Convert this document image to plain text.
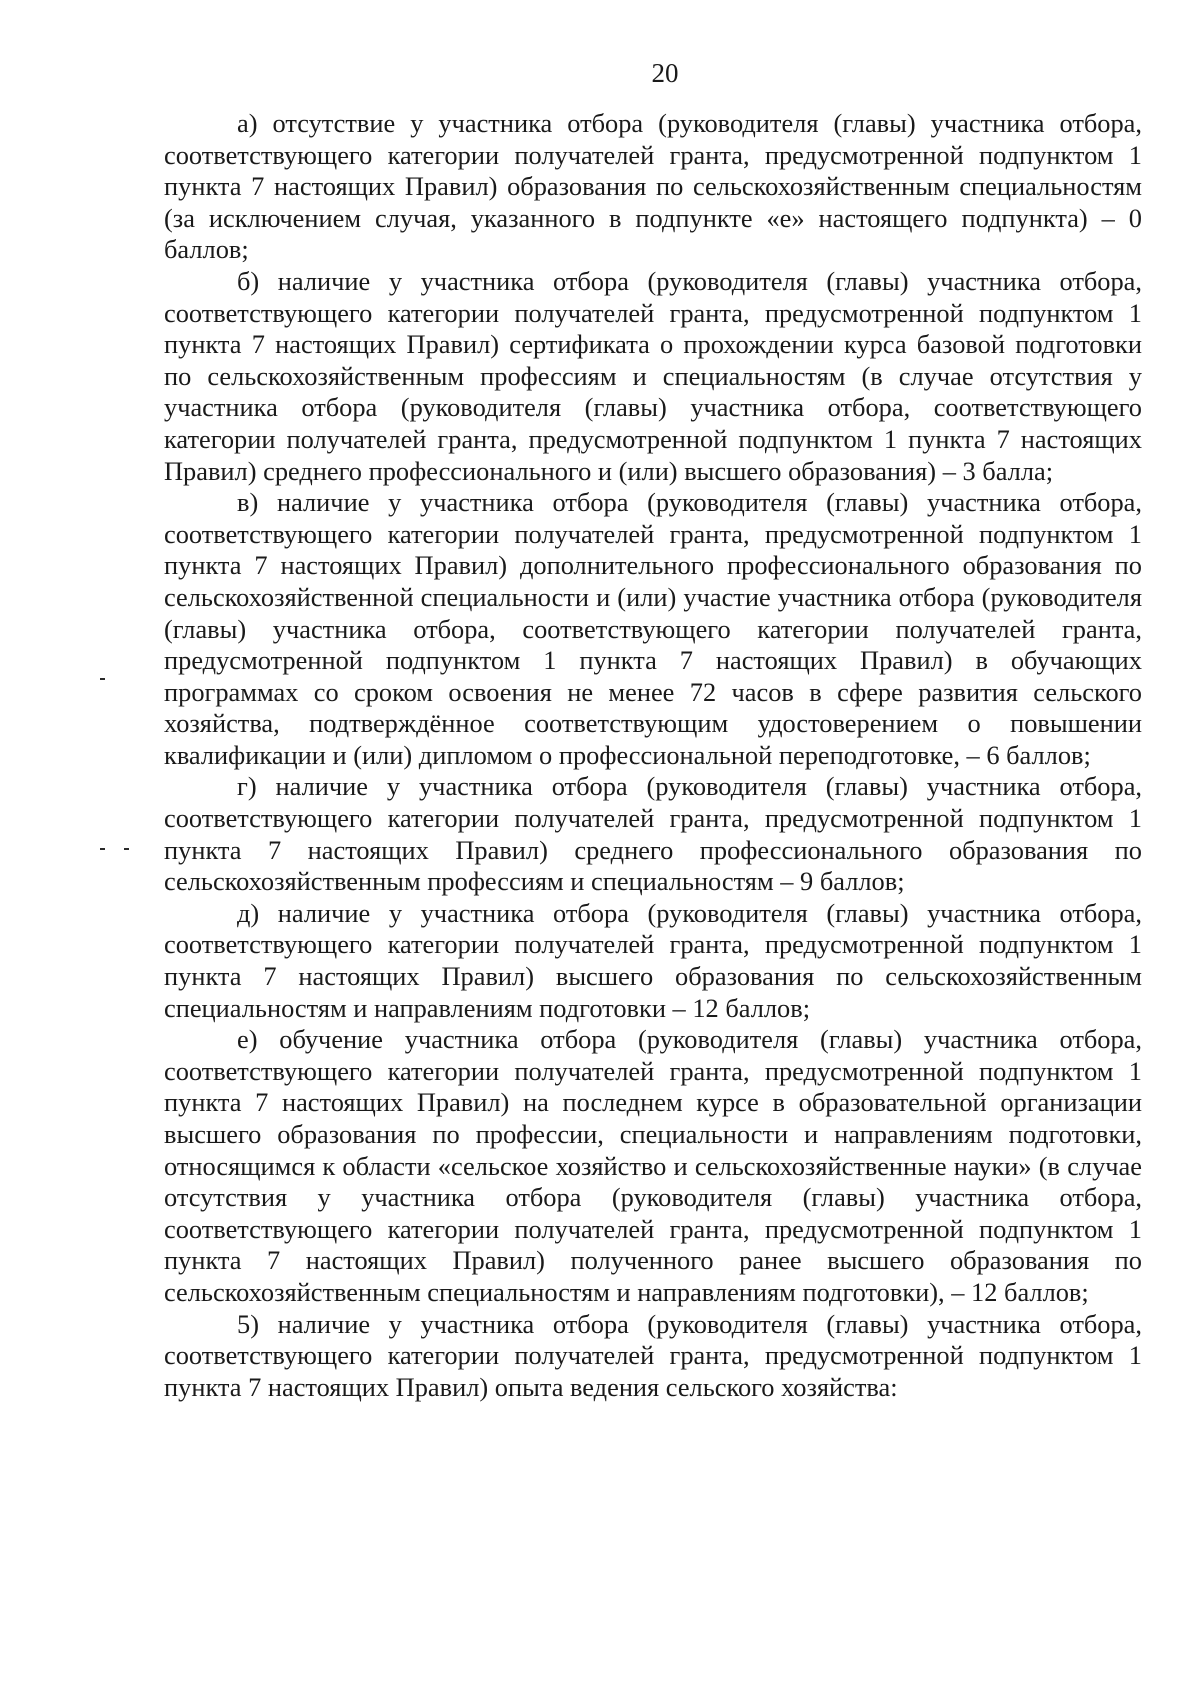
20

а) отсутствие у участника отбора (руководителя (главы) участника отбора, соответствующего категории получателей гранта, предусмотренной подпунктом 1 пункта 7 настоящих Правил) образования по сельскохозяйственным специальностям (за исключением случая, указанного в подпункте «е» настоящего подпункта) – 0 баллов;

б) наличие у участника отбора (руководителя (главы) участника отбора, соответствующего категории получателей гранта, предусмотренной подпунктом 1 пункта 7 настоящих Правил) сертификата о прохождении курса базовой подготовки по сельскохозяйственным профессиям и специальностям (в случае отсутствия у участника отбора (руководителя (главы) участника отбора, соответствующего категории получателей гранта, предусмотренной подпунктом 1 пункта 7 настоящих Правил) среднего профессионального и (или) высшего образования) – 3 балла;

в) наличие у участника отбора (руководителя (главы) участника отбора, соответствующего категории получателей гранта, предусмотренной подпунктом 1 пункта 7 настоящих Правил) дополнительного профессионального образования по сельскохозяйственной специальности и (или) участие участника отбора (руководителя (главы) участника отбора, соответствующего категории получателей гранта, предусмотренной подпунктом 1 пункта 7 настоящих Правил) в обучающих программах со сроком освоения не менее 72 часов в сфере развития сельского хозяйства, подтверждённое соответствующим удостоверением о повышении квалификации и (или) дипломом о профессиональной переподготовке, – 6 баллов;

г) наличие у участника отбора (руководителя (главы) участника отбора, соответствующего категории получателей гранта, предусмотренной подпунктом 1 пункта 7 настоящих Правил) среднего профессионального образования по сельскохозяйственным профессиям и специальностям – 9 баллов;

д) наличие у участника отбора (руководителя (главы) участника отбора, соответствующего категории получателей гранта, предусмотренной подпунктом 1 пункта 7 настоящих Правил) высшего образования по сельскохозяйственным специальностям и направлениям подготовки – 12 баллов;

е) обучение участника отбора (руководителя (главы) участника отбора, соответствующего категории получателей гранта, предусмотренной подпунктом 1 пункта 7 настоящих Правил) на последнем курсе в образовательной организации высшего образования по профессии, специальности и направлениям подготовки, относящимся к области «сельское хозяйство и сельскохозяйственные науки» (в случае отсутствия у участника отбора (руководителя (главы) участника отбора, соответствующего категории получателей гранта, предусмотренной подпунктом 1 пункта 7 настоящих Правил) полученного ранее высшего образования по сельскохозяйственным специальностям и направлениям подготовки), – 12 баллов;

5) наличие у участника отбора (руководителя (главы) участника отбора, соответствующего категории получателей гранта, предусмотренной подпунктом 1 пункта 7 настоящих Правил) опыта ведения сельского хозяйства:
